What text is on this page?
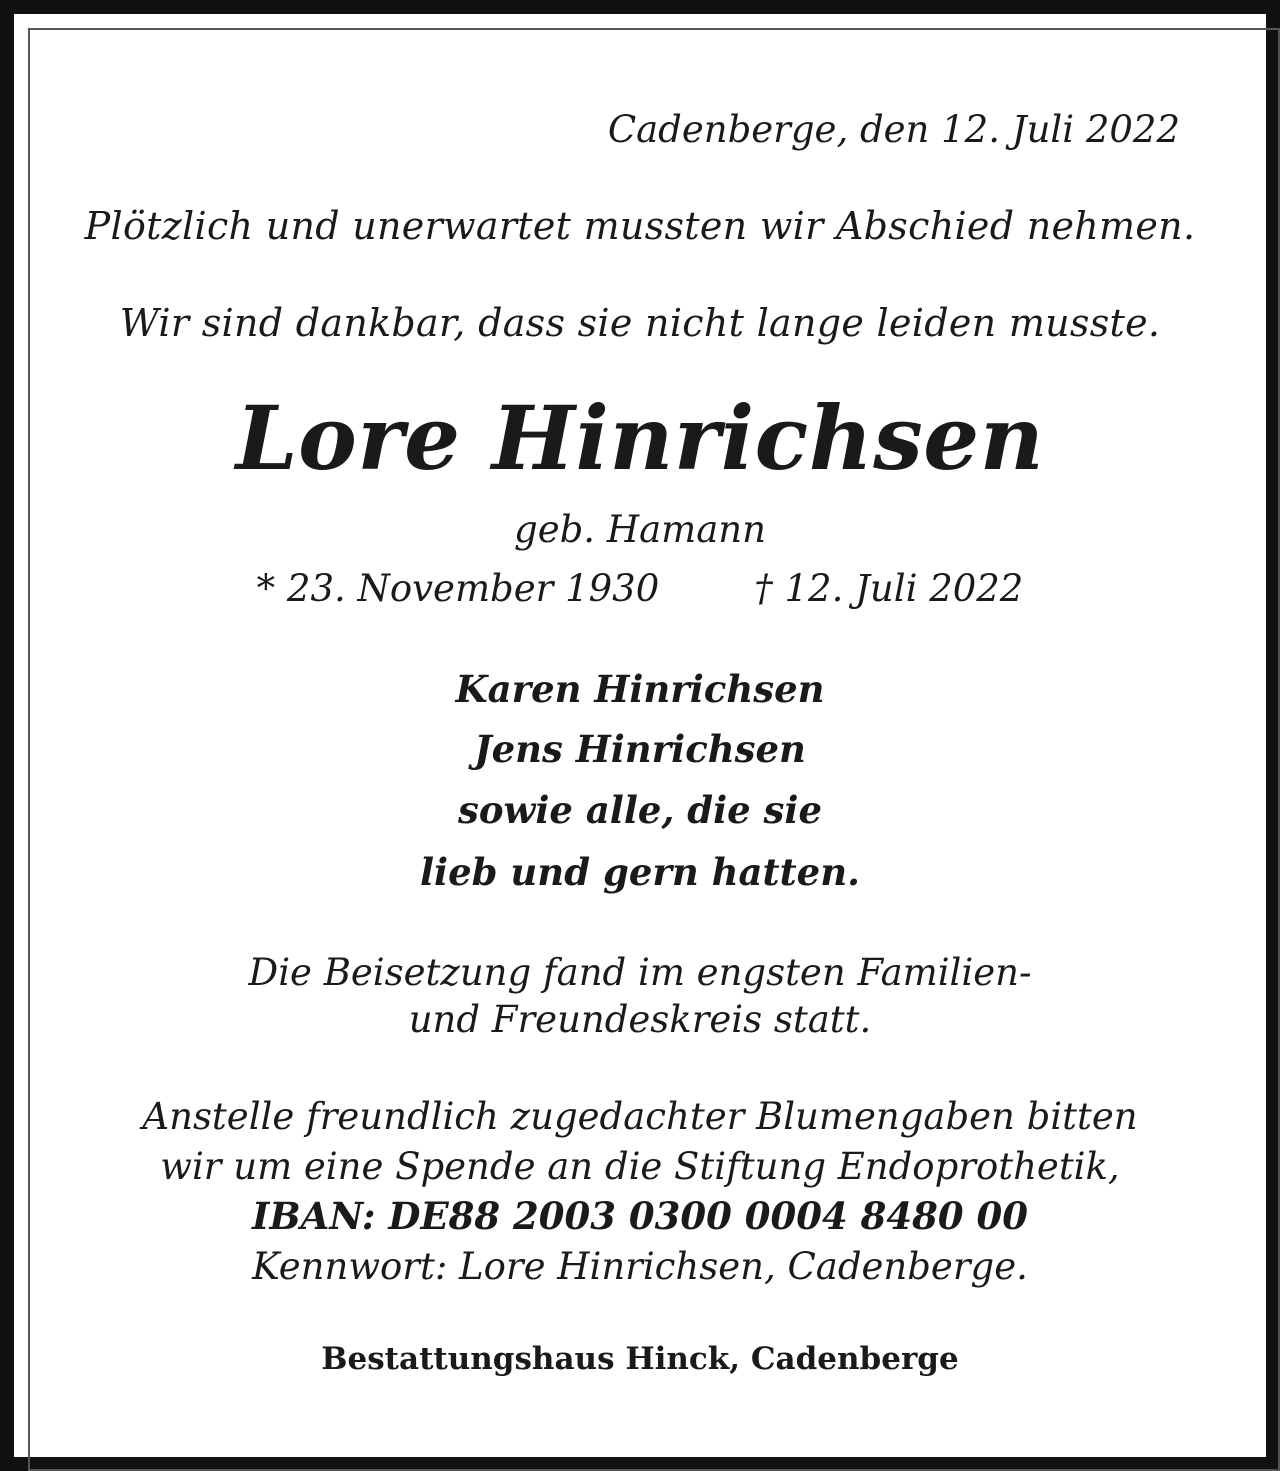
Cadenberge, den 12. Juli 2022
Plötzlich und unerwartet mussten wir Abschied nehmen.
Wir sind dankbar, dass sie nicht lange leiden musste.
Lore Hinrichsen
geb. Hamann
* 23. November 1930	† 12. Juli 2022
Karen Hinrichsen
Jens Hinrichsen
sowie alle, die sie
lieb und gern hatten.
Die Beisetzung fand im engsten Familien-
und Freundeskreis statt.
Anstelle freundlich zugedachter Blumengaben bitten
wir um eine Spende an die Stiftung Endoprothetik,
IBAN: DE88 2003 0300 0004 8480 00
Kennwort: Lore Hinrichsen, Cadenberge.
Bestattungshaus Hinck, Cadenberge
